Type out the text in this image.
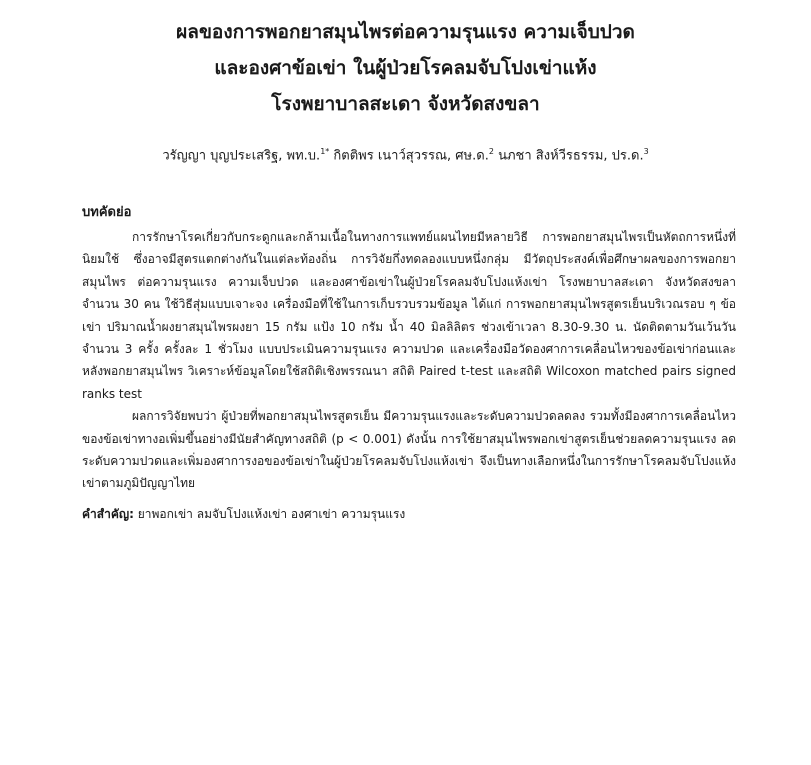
ผลของการพอกยาสมุนไพรต่อความรุนแรง ความเจ็บปวด
และองศาข้อเข่า ในผู้ป่วยโรคลมจับโปงเข่าแห้ง
โรงพยาบาลสะเดา จังหวัดสงขลา

วรัญญา บุญประเสริฐ, พท.บ.$^{1*}$ กิตติพร เนาว์สุวรรณ, ศษ.ด.$^2$ นภชา สิงห์วีรธรรม, ปร.ด.$^3$

บทคัดย่อ

การรักษาโรคเกี่ยวกับกระดูกและกล้ามเนื้อในทางการแพทย์แผนไทยมีหลายวิธี การพอกยาสมุนไพรเป็นหัตถการหนึ่งที่นิยมใช้ ซึ่งอาจมีสูตรแตกต่างกันในแต่ละท้องถิ่น การวิจัยกึ่งทดลองแบบหนึ่งกลุ่ม มีวัตถุประสงค์เพื่อศึกษาผลของการพอกยาสมุนไพร ต่อความรุนแรง ความเจ็บปวด และองศาข้อเข่าในผู้ป่วยโรคลมจับโปงแห้งเข่า โรงพยาบาลสะเดา จังหวัดสงขลา จำนวน 30 คน ใช้วิธีสุ่มแบบเจาะจง เครื่องมือที่ใช้ในการเก็บรวบรวมข้อมูล ได้แก่ การพอกยาสมุนไพรสูตรเย็นบริเวณรอบ ๆ ข้อเข่า ปริมาณน้ำผงยาสมุนไพรผงยา 15 กรัม แป้ง 10 กรัม น้ำ 40 มิลลิลิตร ช่วงเข้าเวลา 8.30-9.30 น. นัดติดตามวันเว้นวัน จำนวน 3 ครั้ง ครั้งละ 1 ชั่วโมง แบบประเมินความรุนแรง ความปวด และเครื่องมือวัดองศาการเคลื่อนไหวของข้อเข่าก่อนและหลังพอกยาสมุนไพร วิเคราะห์ข้อมูลโดยใช้สถิติเชิงพรรณนา สถิติ Paired t-test และสถิติ Wilcoxon matched pairs signed ranks test

ผลการวิจัยพบว่า ผู้ป่วยที่พอกยาสมุนไพรสูตรเย็น มีความรุนแรงและระดับความปวดลดลง รวมทั้งมีองศาการเคลื่อนไหวของข้อเข่าทางอเพิ่มขึ้นอย่างมีนัยสำคัญทางสถิติ (p < 0.001) ดังนั้น การใช้ยาสมุนไพรพอกเข่าสูตรเย็นช่วยลดความรุนแรง ลดระดับความปวดและเพิ่มองศาการงอของข้อเข่าในผู้ป่วยโรคลมจับโปงแห้งเข่า จึงเป็นทางเลือกหนึ่งในการรักษาโรคลมจับโปงแห้งเข่าตามภูมิปัญญาไทย

คำสำคัญ: ยาพอกเข่า ลมจับโปงแห้งเข่า องศาเข่า ความรุนแรง
